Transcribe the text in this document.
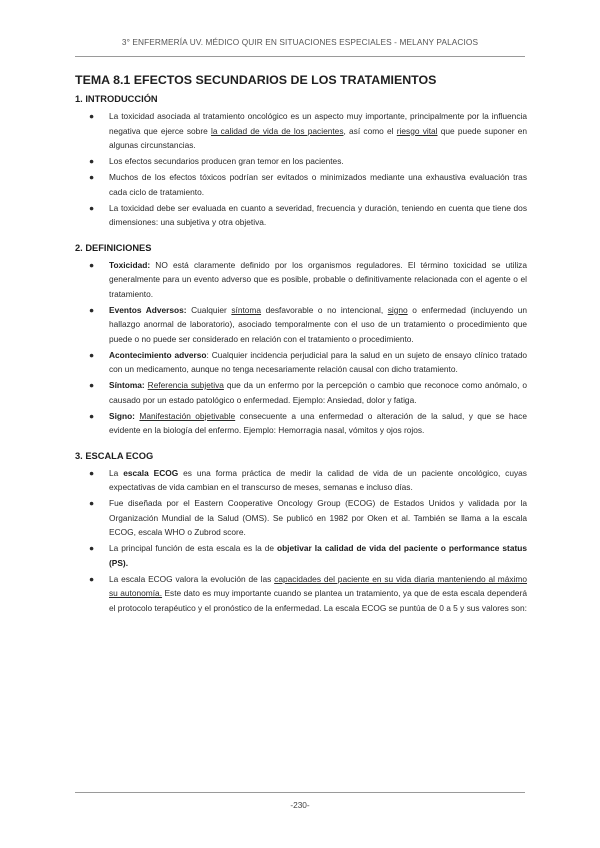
3° ENFERMERÍA UV. MÉDICO QUIR EN SITUACIONES ESPECIALES - MELANY PALACIOS
TEMA 8.1 EFECTOS SECUNDARIOS DE LOS TRATAMIENTOS
1. INTRODUCCIÓN
● La toxicidad asociada al tratamiento oncológico es un aspecto muy importante, principalmente por la influencia negativa que ejerce sobre la calidad de vida de los pacientes, así como el riesgo vital que puede suponer en algunas circunstancias.
● Los efectos secundarios producen gran temor en los pacientes.
● Muchos de los efectos tóxicos podrían ser evitados o minimizados mediante una exhaustiva evaluación tras cada ciclo de tratamiento.
● La toxicidad debe ser evaluada en cuanto a severidad, frecuencia y duración, teniendo en cuenta que tiene dos dimensiones: una subjetiva y otra objetiva.
2. DEFINICIONES
● Toxicidad: NO está claramente definido por los organismos reguladores. El término toxicidad se utiliza generalmente para un evento adverso que es posible, probable o definitivamente relacionada con el agente o el tratamiento.
● Eventos Adversos: Cualquier síntoma desfavorable o no intencional, signo o enfermedad (incluyendo un hallazgo anormal de laboratorio), asociado temporalmente con el uso de un tratamiento o procedimiento que puede o no puede ser considerado en relación con el tratamiento o procedimiento.
● Acontecimiento adverso: Cualquier incidencia perjudicial para la salud en un sujeto de ensayo clínico tratado con un medicamento, aunque no tenga necesariamente relación causal con dicho tratamiento.
● Síntoma: Referencia subjetiva que da un enfermo por la percepción o cambio que reconoce como anómalo, o causado por un estado patológico o enfermedad. Ejemplo: Ansiedad, dolor y fatiga.
● Signo: Manifestación objetivable consecuente a una enfermedad o alteración de la salud, y que se hace evidente en la biología del enfermo. Ejemplo: Hemorragia nasal, vómitos y ojos rojos.
3. ESCALA ECOG
● La escala ECOG es una forma práctica de medir la calidad de vida de un paciente oncológico, cuyas expectativas de vida cambian en el transcurso de meses, semanas e incluso días.
● Fue diseñada por el Eastern Cooperative Oncology Group (ECOG) de Estados Unidos y validada por la Organización Mundial de la Salud (OMS). Se publicó en 1982 por Oken et al. También se llama a la escala ECOG, escala WHO o Zubrod score.
● La principal función de esta escala es la de objetivar la calidad de vida del paciente o performance status (PS).
● La escala ECOG valora la evolución de las capacidades del paciente en su vida diaria manteniendo al máximo su autonomía. Este dato es muy importante cuando se plantea un tratamiento, ya que de esta escala dependerá el protocolo terapéutico y el pronóstico de la enfermedad. La escala ECOG se puntúa de 0 a 5 y sus valores son:
-230-
